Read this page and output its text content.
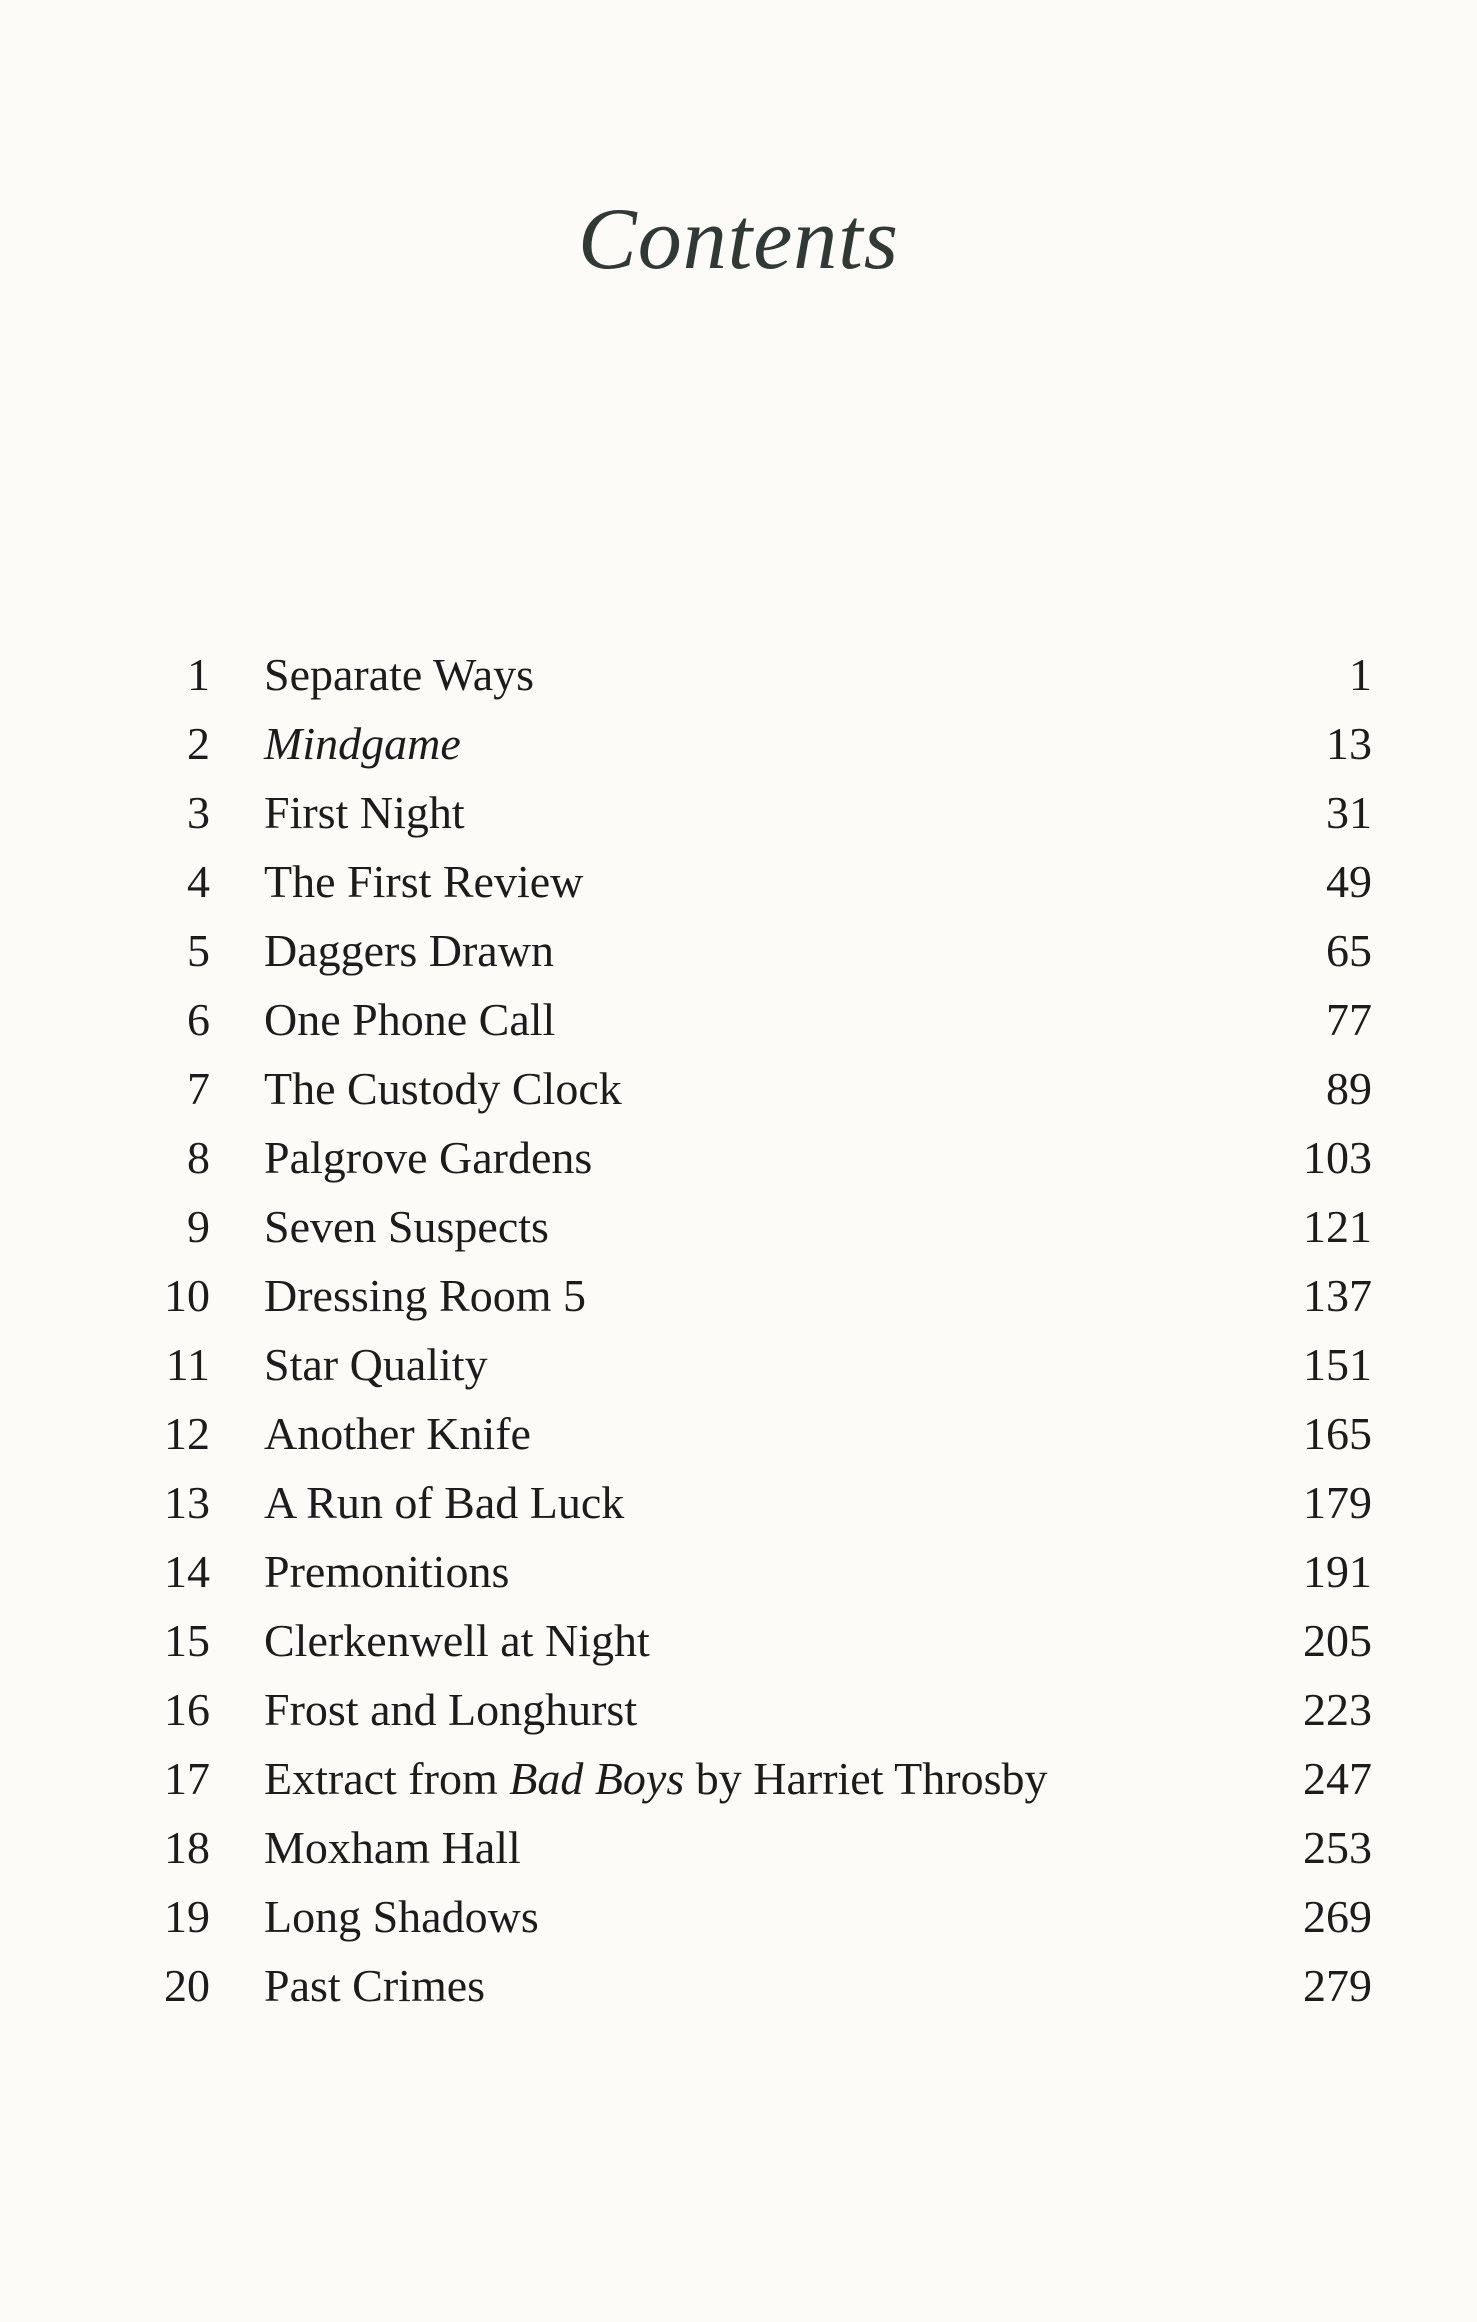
Contents
1 Separate Ways	1
2 Mindgame	13
3 First Night	31
4 The First Review	49
5 Daggers Drawn	65
6 One Phone Call	77
7 The Custody Clock	89
8 Palgrove Gardens	103
9 Seven Suspects	121
10 Dressing Room 5	137
11 Star Quality	151
12 Another Knife	165
13 A Run of Bad Luck	179
14 Premonitions	191
15 Clerkenwell at Night	205
16 Frost and Longhurst	223
17 Extract from Bad Boys by Harriet Throsby	247
18 Moxham Hall	253
19 Long Shadows	269
20 Past Crimes	279
